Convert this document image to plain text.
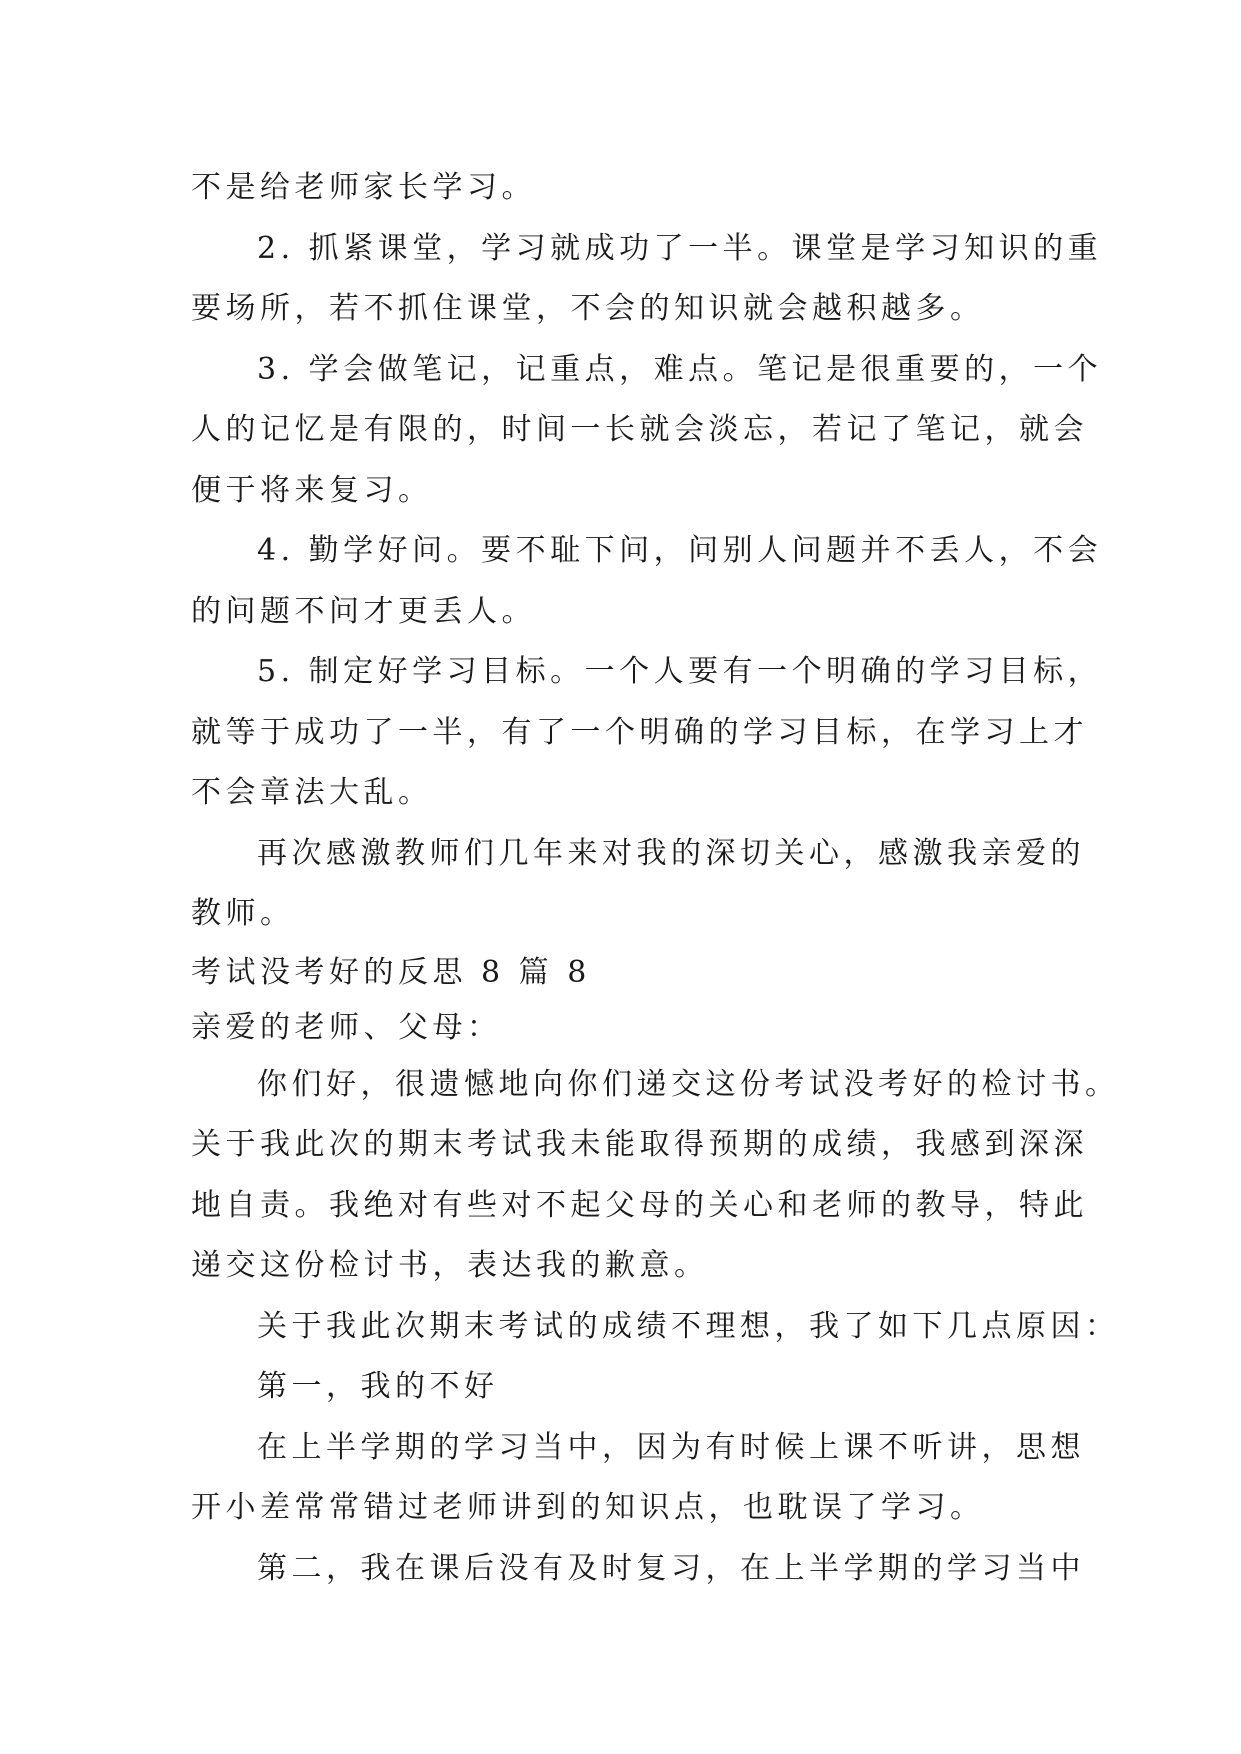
不是给老师家长学习。
2. 抓紧课堂，学习就成功了一半。课堂是学习知识的重
要场所，若不抓住课堂，不会的知识就会越积越多。
3. 学会做笔记，记重点，难点。笔记是很重要的，一个
人的记忆是有限的，时间一长就会淡忘，若记了笔记，就会
便于将来复习。
4. 勤学好问。要不耻下问，问别人问题并不丢人，不会
的问题不问才更丢人。
5. 制定好学习目标。一个人要有一个明确的学习目标，
就等于成功了一半，有了一个明确的学习目标，在学习上才
不会章法大乱。
再次感激教师们几年来对我的深切关心，感激我亲爱的
教师。
考试没考好的反思 8 篇 8
亲爱的老师、父母：
你们好，很遗憾地向你们递交这份考试没考好的检讨书。
关于我此次的期末考试我未能取得预期的成绩，我感到深深
地自责。我绝对有些对不起父母的关心和老师的教导，特此
递交这份检讨书，表达我的歉意。
关于我此次期末考试的成绩不理想，我了如下几点原因：
第一，我的不好
在上半学期的学习当中，因为有时候上课不听讲，思想
开小差常常错过老师讲到的知识点，也耽误了学习。
第二，我在课后没有及时复习，在上半学期的学习当中
